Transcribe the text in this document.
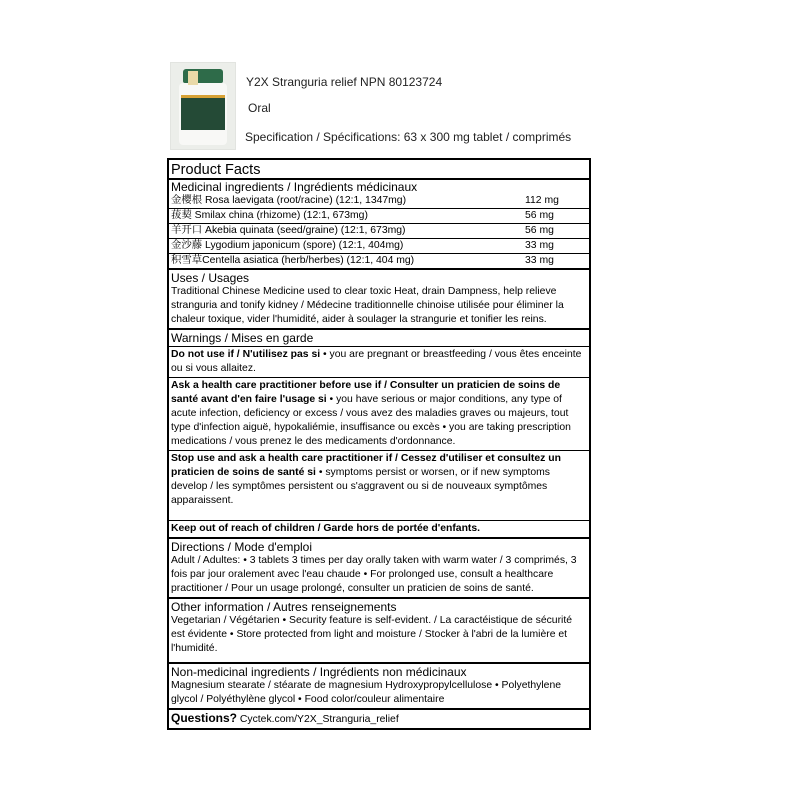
Y2X Stranguria relief NPN 80123724
Oral
Specification / Spécifications: 63 x 300 mg tablet / comprimés
Product Facts
Medicinal ingredients / Ingrédients médicinaux
金樱根 Rosa laevigata (root/racine) (12:1, 1347mg)	112 mg
菝葜 Smilax china (rhizome) (12:1, 673mg)	56 mg
羊开口 Akebia quinata (seed/graine) (12:1, 673mg)	56 mg
金沙藤 Lygodium japonicum (spore) (12:1, 404mg)	33 mg
积雪草Centella asiatica (herb/herbes) (12:1, 404 mg)	33 mg
Uses / Usages
Traditional Chinese Medicine used to clear toxic Heat, drain Dampness, help relieve stranguria and tonify kidney / Médecine traditionnelle chinoise utilisée pour éliminer la chaleur toxique, vider l'humidité, aider à soulager la strangurie et tonifier les reins.
Warnings / Mises en garde
Do not use if / N'utilisez pas si • you are pregnant or breastfeeding / vous êtes enceinte ou si vous allaitez.
Ask a health care practitioner before use if / Consulter un praticien de soins de santé avant d'en faire l'usage si • you have serious or major conditions, any type of acute infection, deficiency or excess / vous avez des maladies graves ou majeurs, tout type d'infection aiguë, hypokaliémie, insuffisance ou excès • you are taking prescription medications / vous prenez le des medicaments d'ordonnance.
Stop use and ask a health care practitioner if / Cessez d'utiliser et consultez un praticien de soins de santé si • symptoms persist or worsen, or if new symptoms develop / les symptômes persistent ou s'aggravent ou si de nouveaux symptômes apparaissent.
Keep out of reach of children / Garde hors de portée d'enfants.
Directions / Mode d'emploi
Adult / Adultes: • 3 tablets 3 times per day orally taken with warm water / 3 comprimés, 3 fois par jour oralement avec l'eau chaude • For prolonged use, consult a healthcare practitioner / Pour un usage prolongé, consulter un praticien de soins de santé.
Other information / Autres renseignements
Vegetarian / Végétarien • Security feature is self-evident. / La caractéistique de sécurité est évidente • Store protected from light and moisture / Stocker à l'abri de la lumière et l'humidité.
Non-medicinal ingredients / Ingrédients non médicinaux
Magnesium stearate / stéarate de magnesium Hydroxypropylcellulose • Polyethylene glycol / Polyéthylène glycol • Food color/couleur alimentaire
Questions? Cyctek.com/Y2X_Stranguria_relief
